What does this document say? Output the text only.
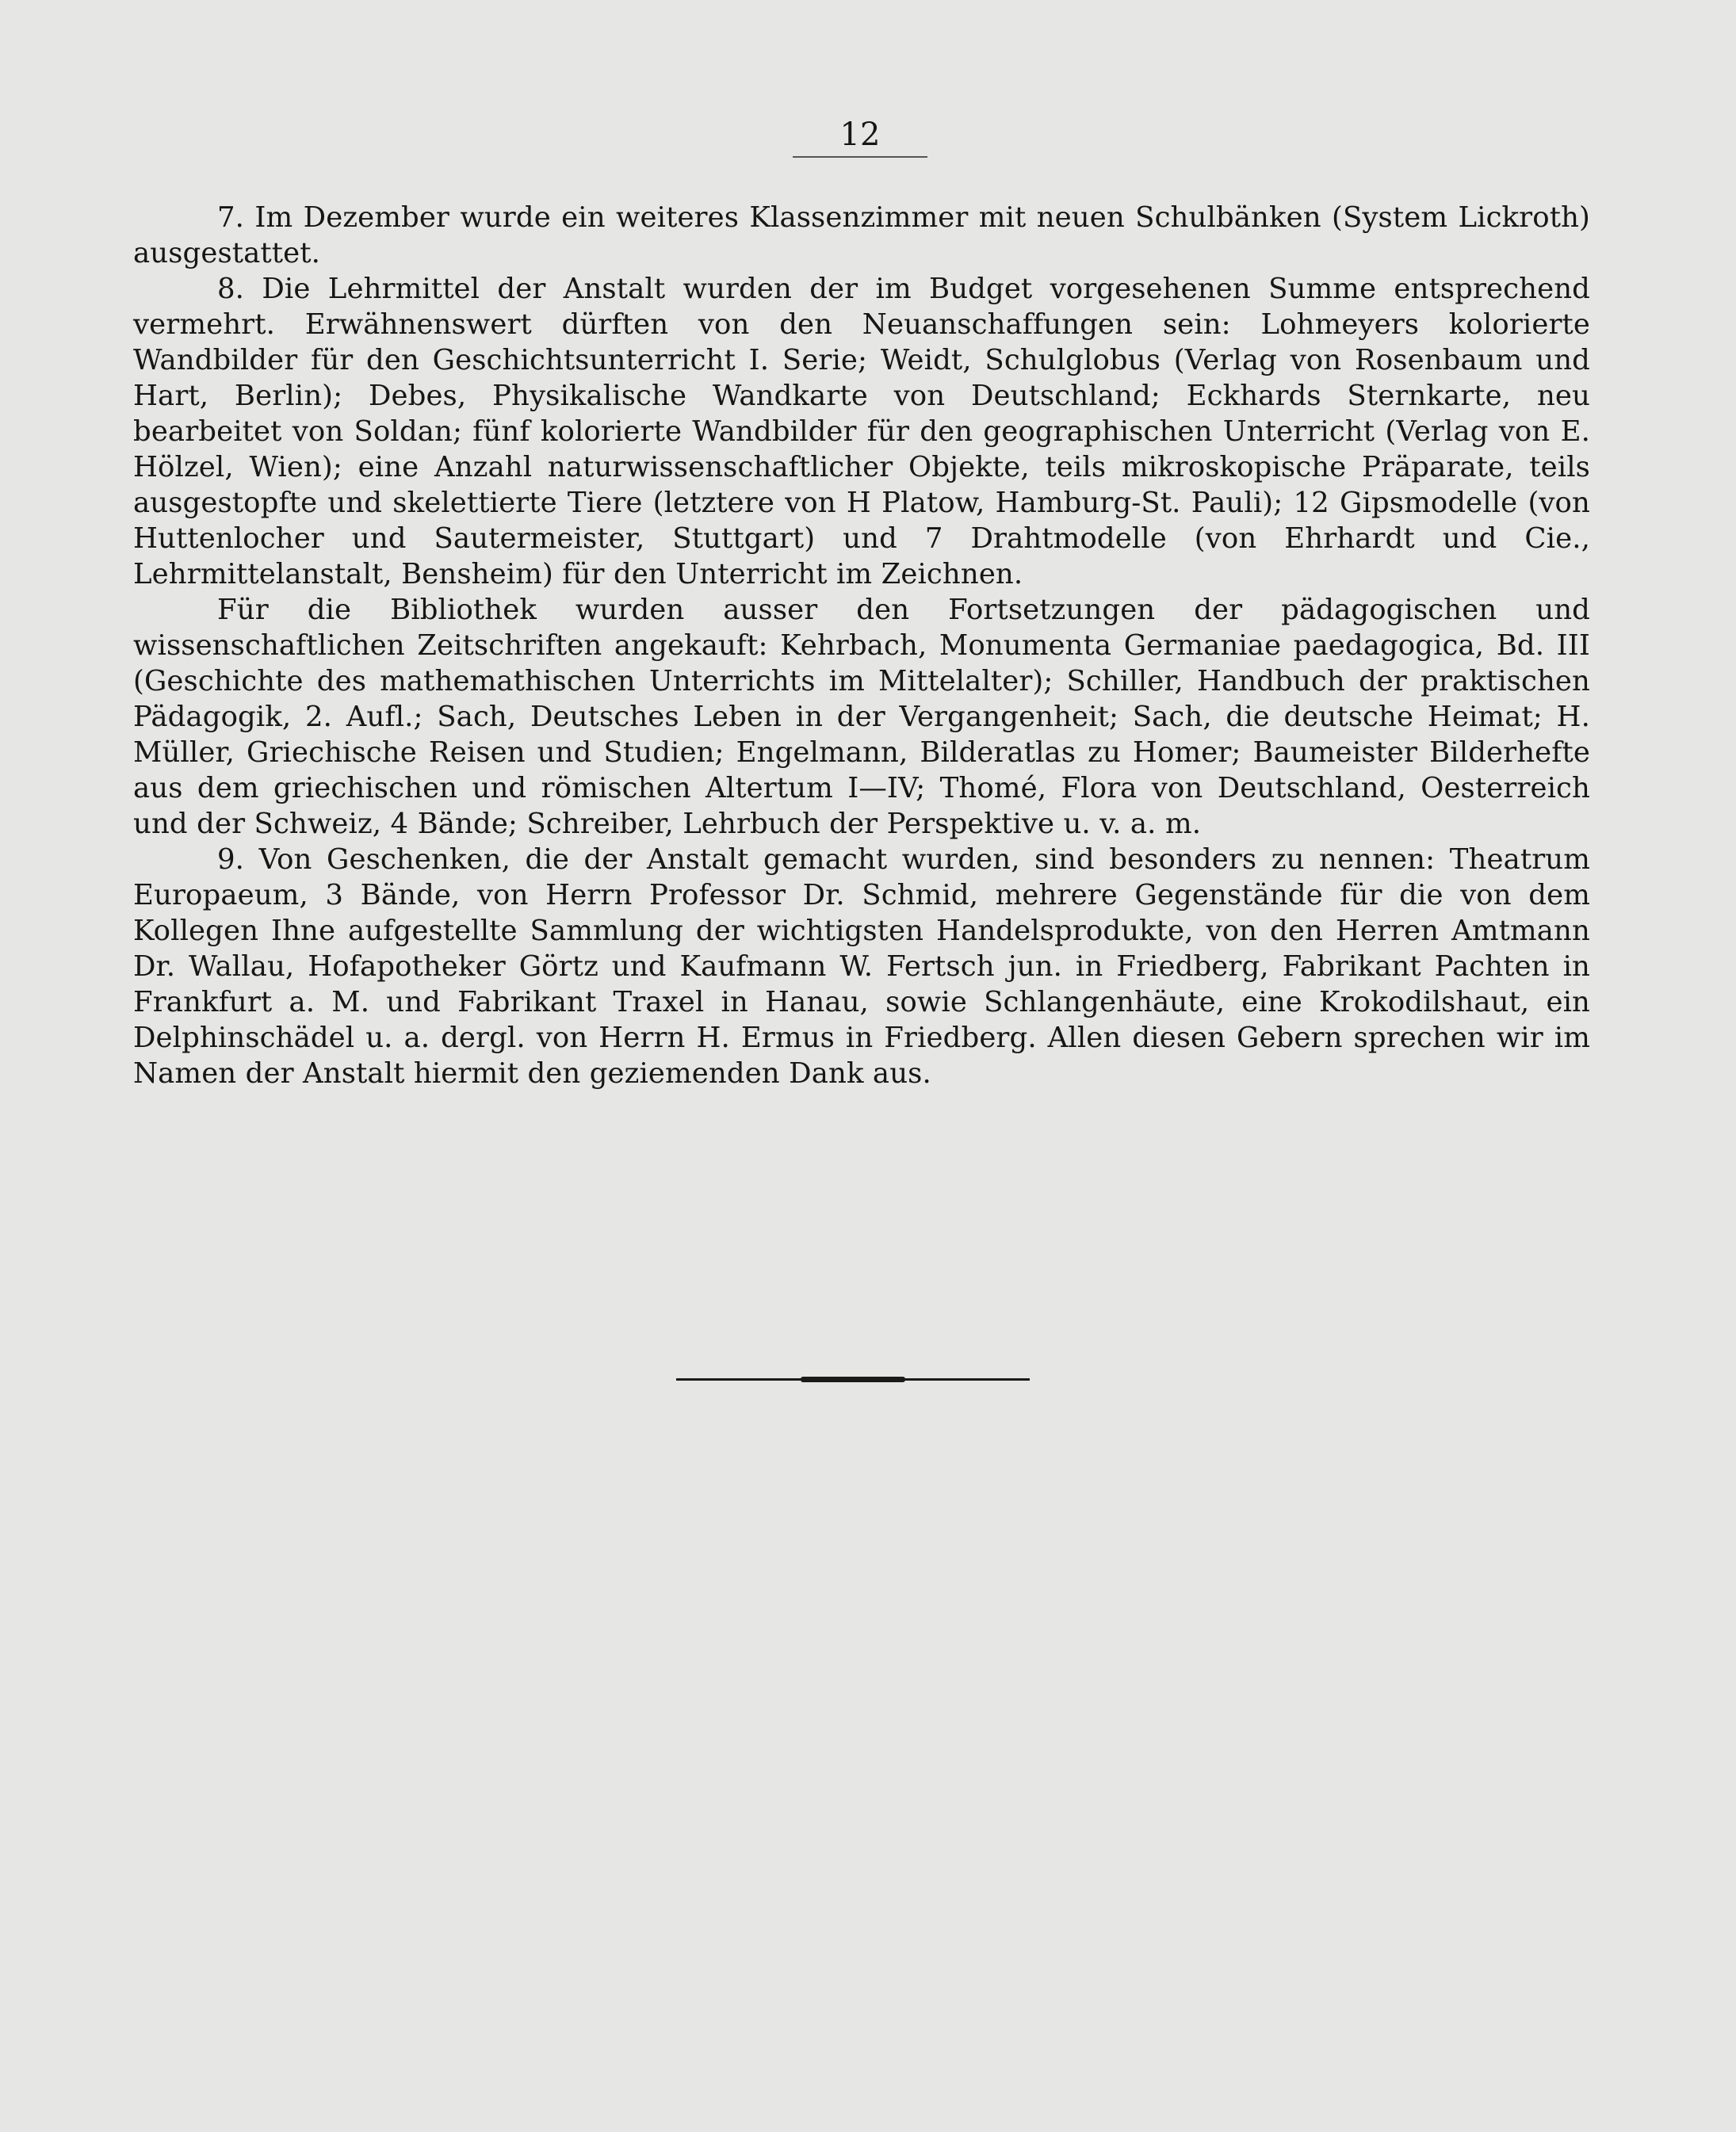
12

7. Im Dezember wurde ein weiteres Klassenzimmer mit neuen Schulbänken (System Lickroth) ausgestattet.

8. Die Lehrmittel der Anstalt wurden der im Budget vorgesehenen Summe entsprechend vermehrt. Erwähnenswert dürften von den Neuanschaffungen sein: Lohmeyers kolorierte Wandbilder für den Geschichtsunterricht I. Serie; Weidt, Schulglobus (Verlag von Rosenbaum und Hart, Berlin); Debes, Physikalische Wandkarte von Deutschland; Eckhards Sternkarte, neu bearbeitet von Soldan; fünf kolorierte Wandbilder für den geographischen Unterricht (Verlag von E. Hölzel, Wien); eine Anzahl naturwissenschaftlicher Objekte, teils mikroskopische Präparate, teils ausgestopfte und skelettierte Tiere (letztere von H Platow, Hamburg-St. Pauli); 12 Gipsmodelle (von Huttenlocher und Sautermeister, Stuttgart) und 7 Drahtmodelle (von Ehrhardt und Cie., Lehrmittelanstalt, Bensheim) für den Unterricht im Zeichnen.

Für die Bibliothek wurden ausser den Fortsetzungen der pädagogischen und wissenschaftlichen Zeitschriften angekauft: Kehrbach, Monumenta Germaniae paedagogica, Bd. III (Geschichte des mathemathischen Unterrichts im Mittelalter); Schiller, Handbuch der praktischen Pädagogik, 2. Aufl.; Sach, Deutsches Leben in der Vergangenheit; Sach, die deutsche Heimat; H. Müller, Griechische Reisen und Studien; Engelmann, Bilderatlas zu Homer; Baumeister Bilderhefte aus dem griechischen und römischen Altertum I—IV; Thomé, Flora von Deutschland, Oesterreich und der Schweiz, 4 Bände; Schreiber, Lehrbuch der Perspektive u. v. a. m.

9. Von Geschenken, die der Anstalt gemacht wurden, sind besonders zu nennen: Theatrum Europaeum, 3 Bände, von Herrn Professor Dr. Schmid, mehrere Gegenstände für die von dem Kollegen Ihne aufgestellte Sammlung der wichtigsten Handelsprodukte, von den Herren Amtmann Dr. Wallau, Hofapotheker Görtz und Kaufmann W. Fertsch jun. in Friedberg, Fabrikant Pachten in Frankfurt a. M. und Fabrikant Traxel in Hanau, sowie Schlangenhäute, eine Krokodilshaut, ein Delphinschädel u. a. dergl. von Herrn H. Ermus in Friedberg. Allen diesen Gebern sprechen wir im Namen der Anstalt hiermit den geziemenden Dank aus.
